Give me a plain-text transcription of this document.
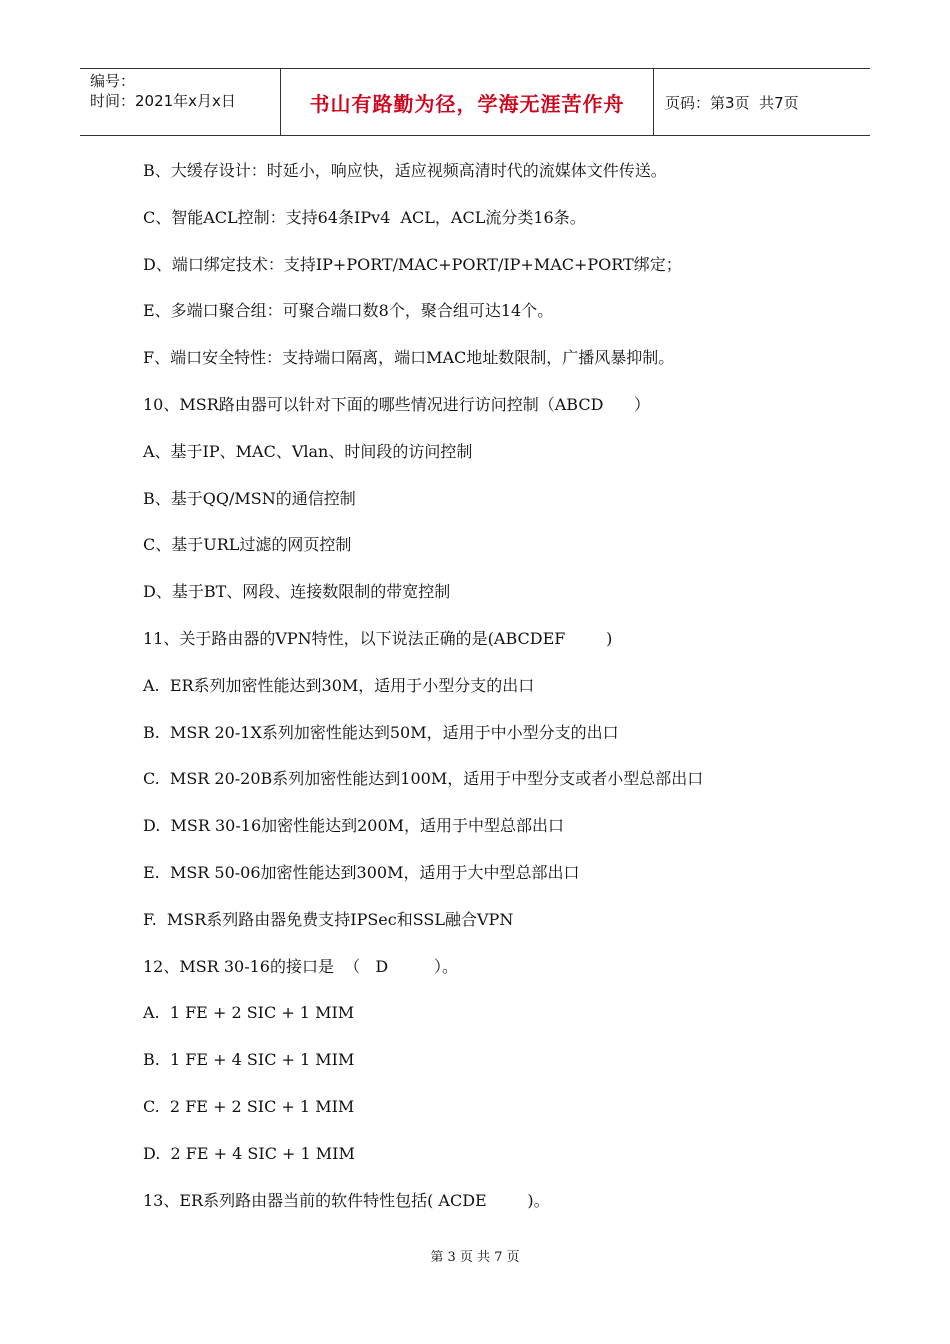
编号：
时间：2021年x月x日	书山有路勤为径，学海无涯苦作舟	页码：第3页  共7页
B、大缓存设计：时延小，响应快，适应视频高清时代的流媒体文件传送。
C、智能ACL控制：支持64条IPv4  ACL，ACL流分类16条。
D、端口绑定技术：支持IP+PORT/MAC+PORT/IP+MAC+PORT绑定；
E、多端口聚合组：可聚合端口数8个，聚合组可达14个。
F、端口安全特性：支持端口隔离，端口MAC地址数限制，广播风暴抑制。
10、MSR路由器可以针对下面的哪些情况进行访问控制（ABCD      ）
A、基于IP、MAC、Vlan、时间段的访问控制
B、基于QQ/MSN的通信控制
C、基于URL过滤的网页控制
D、基于BT、网段、连接数限制的带宽控制
11、关于路由器的VPN特性，以下说法正确的是(ABCDEF        )
A.  ER系列加密性能达到30M，适用于小型分支的出口
B.  MSR 20-1X系列加密性能达到50M，适用于中小型分支的出口
C.  MSR 20-20B系列加密性能达到100M，适用于中型分支或者小型总部出口
D.  MSR 30-16加密性能达到200M，适用于中型总部出口
E.  MSR 50-06加密性能达到300M，适用于大中型总部出口
F.  MSR系列路由器免费支持IPSec和SSL融合VPN
12、MSR 30-16的接口是  （   D         ）。
A.  1 FE + 2 SIC + 1 MIM
B.  1 FE + 4 SIC + 1 MIM
C.  2 FE + 2 SIC + 1 MIM
D.  2 FE + 4 SIC + 1 MIM
13、ER系列路由器当前的软件特性包括( ACDE        )。
第 3 页 共 7 页
